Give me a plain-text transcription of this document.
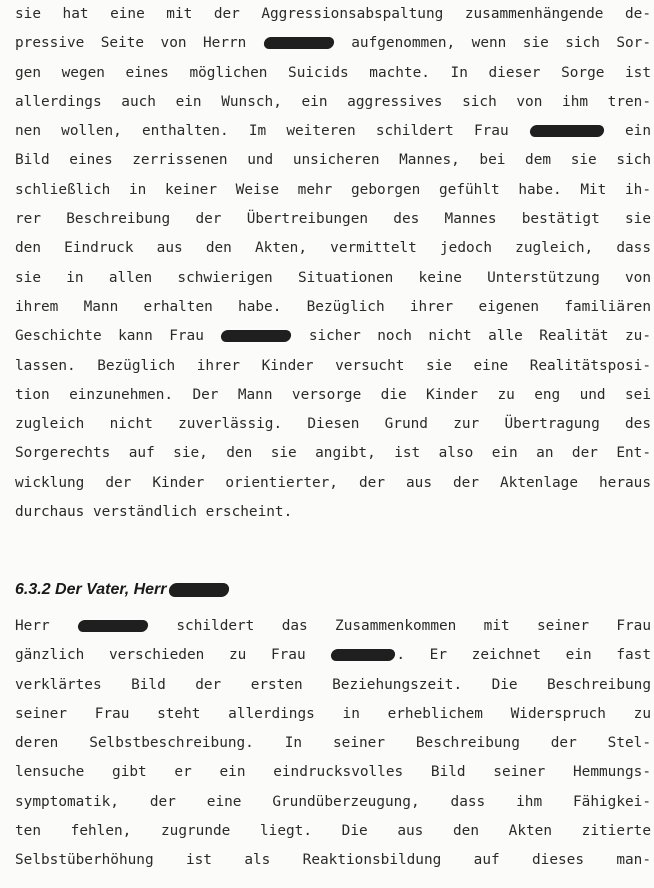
sie hat eine mit der Aggressionsabspaltung zusammenhängende de-
pressive Seite von Herrn	aufgenommen, wenn sie sich Sor-
gen wegen eines möglichen Suicids machte. In dieser Sorge ist
allerdings auch ein Wunsch, ein aggressives sich von ihm tren-
nen wollen, enthalten. Im weiteren schildert Frau	ein
Bild eines zerrissenen und unsicheren Mannes, bei dem sie sich
schließlich in keiner Weise mehr geborgen gefühlt habe. Mit ih-
rer Beschreibung der Übertreibungen des Mannes bestätigt sie
den Eindruck aus den Akten, vermittelt jedoch zugleich, dass
sie in allen schwierigen Situationen keine Unterstützung von
ihrem Mann erhalten habe. Bezüglich ihrer eigenen familiären
Geschichte kann Frau	sicher noch nicht alle Realität zu-
lassen. Bezüglich ihrer Kinder versucht sie eine Realitätsposi-
tion einzunehmen. Der Mann versorge die Kinder zu eng und sei
zugleich nicht zuverlässig. Diesen Grund zur Übertragung des
Sorgerechts auf sie, den sie angibt, ist also ein an der Ent-
wicklung der Kinder orientierter, der aus der Aktenlage heraus
durchaus verständlich erscheint.
6.3.2 Der Vater, Herr
Herr	schildert das Zusammenkommen mit seiner Frau
gänzlich verschieden zu Frau	. Er zeichnet ein fast
verklärtes Bild der ersten Beziehungszeit. Die Beschreibung
seiner Frau steht allerdings in erheblichem Widerspruch zu
deren Selbstbeschreibung. In seiner Beschreibung der Stel-
lensuche gibt er ein eindrucksvolles Bild seiner Hemmungs-
symptomatik, der eine Grundüberzeugung, dass ihm Fähigkei-
ten fehlen, zugrunde liegt. Die aus den Akten zitierte
Selbstüberhöhung ist als Reaktionsbildung auf dieses man-
